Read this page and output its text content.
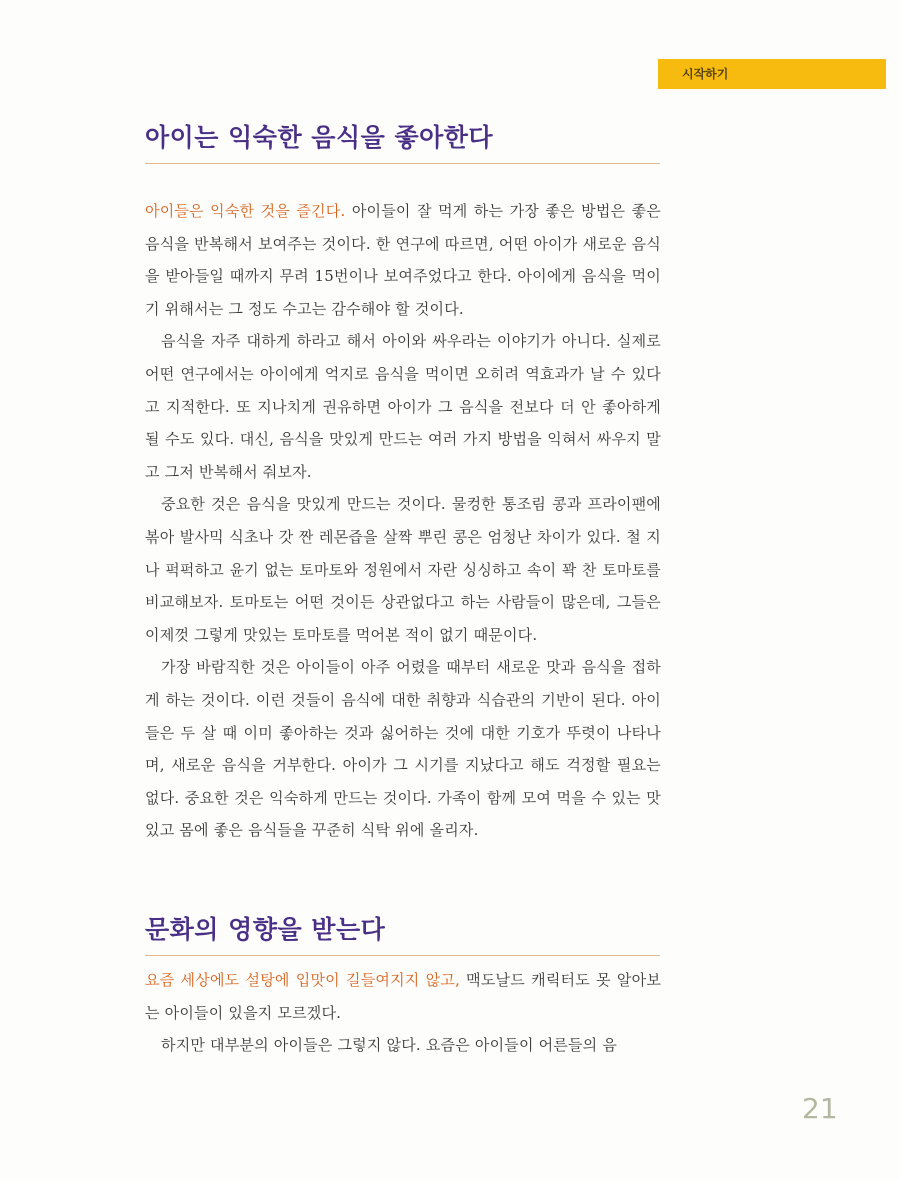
시작하기
아이는 익숙한 음식을 좋아한다

아이들은 익숙한 것을 즐긴다. 아이들이 잘 먹게 하는 가장 좋은 방법은 좋은 음식을 반복해서 보여주는 것이다. 한 연구에 따르면, 어떤 아이가 새로운 음식을 받아들일 때까지 무려 15번이나 보여주었다고 한다. 아이에게 음식을 먹이기 위해서는 그 정도 수고는 감수해야 할 것이다.

음식을 자주 대하게 하라고 해서 아이와 싸우라는 이야기가 아니다. 실제로 어떤 연구에서는 아이에게 억지로 음식을 먹이면 오히려 역효과가 날 수 있다고 지적한다. 또 지나치게 권유하면 아이가 그 음식을 전보다 더 안 좋아하게 될 수도 있다. 대신, 음식을 맛있게 만드는 여러 가지 방법을 익혀서 싸우지 말고 그저 반복해서 줘보자.

중요한 것은 음식을 맛있게 만드는 것이다. 물컹한 통조림 콩과 프라이팬에 볶아 발사믹 식초나 갓 짠 레몬즙을 살짝 뿌린 콩은 엄청난 차이가 있다. 철 지나 퍽퍽하고 윤기 없는 토마토와 정원에서 자란 싱싱하고 속이 꽉 찬 토마토를 비교해보자. 토마토는 어떤 것이든 상관없다고 하는 사람들이 많은데, 그들은 이제껏 그렇게 맛있는 토마토를 먹어본 적이 없기 때문이다.

가장 바람직한 것은 아이들이 아주 어렸을 때부터 새로운 맛과 음식을 접하게 하는 것이다. 이런 것들이 음식에 대한 취향과 식습관의 기반이 된다. 아이들은 두 살 때 이미 좋아하는 것과 싫어하는 것에 대한 기호가 뚜렷이 나타나며, 새로운 음식을 거부한다. 아이가 그 시기를 지났다고 해도 걱정할 필요는 없다. 중요한 것은 익숙하게 만드는 것이다. 가족이 함께 모여 먹을 수 있는 맛있고 몸에 좋은 음식들을 꾸준히 식탁 위에 올리자.

문화의 영향을 받는다

요즘 세상에도 설탕에 입맛이 길들여지지 않고, 맥도날드 캐릭터도 못 알아보는 아이들이 있을지 모르겠다.

하지만 대부분의 아이들은 그렇지 않다. 요즘은 아이들이 어른들의 음

21
